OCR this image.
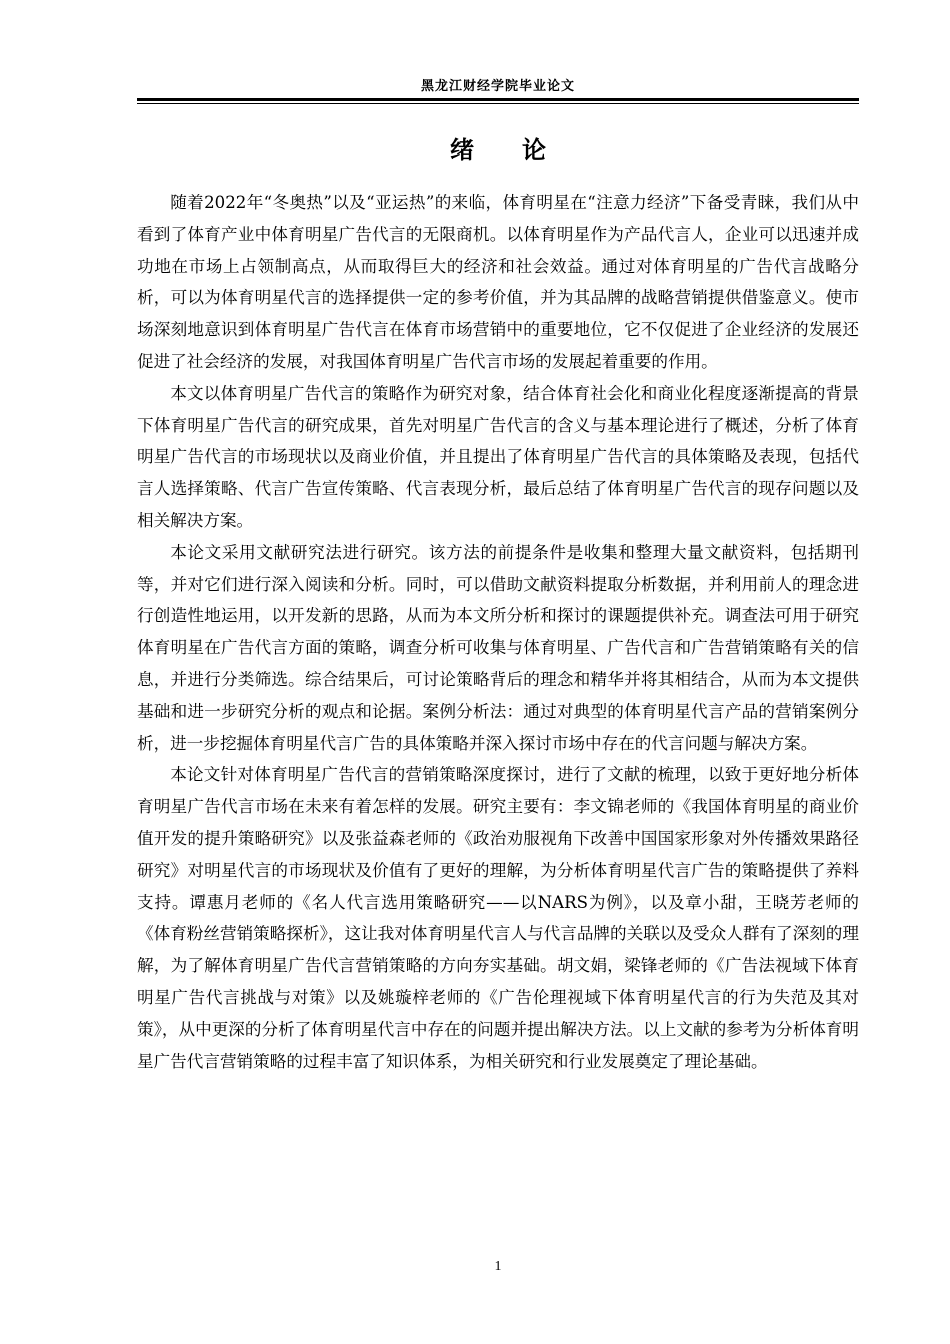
黑龙江财经学院毕业论文
绪　　论

随着2022年“冬奥热”以及“亚运热”的来临，体育明星在“注意力经济”下备受青睐，我们从中看到了体育产业中体育明星广告代言的无限商机。以体育明星作为产品代言人，企业可以迅速并成功地在市场上占领制高点，从而取得巨大的经济和社会效益。通过对体育明星的广告代言战略分析，可以为体育明星代言的选择提供一定的参考价值，并为其品牌的战略营销提供借鉴意义。使市场深刻地意识到体育明星广告代言在体育市场营销中的重要地位，它不仅促进了企业经济的发展还促进了社会经济的发展，对我国体育明星广告代言市场的发展起着重要的作用。

本文以体育明星广告代言的策略作为研究对象，结合体育社会化和商业化程度逐渐提高的背景下体育明星广告代言的研究成果，首先对明星广告代言的含义与基本理论进行了概述，分析了体育明星广告代言的市场现状以及商业价值，并且提出了体育明星广告代言的具体策略及表现，包括代言人选择策略、代言广告宣传策略、代言表现分析，最后总结了体育明星广告代言的现存问题以及相关解决方案。

本论文采用文献研究法进行研究。该方法的前提条件是收集和整理大量文献资料，包括期刊等，并对它们进行深入阅读和分析。同时，可以借助文献资料提取分析数据，并利用前人的理念进行创造性地运用，以开发新的思路，从而为本文所分析和探讨的课题提供补充。调查法可用于研究体育明星在广告代言方面的策略，调查分析可收集与体育明星、广告代言和广告营销策略有关的信息，并进行分类筛选。综合结果后，可讨论策略背后的理念和精华并将其相结合，从而为本文提供基础和进一步研究分析的观点和论据。案例分析法：通过对典型的体育明星代言产品的营销案例分析，进一步挖掘体育明星代言广告的具体策略并深入探讨市场中存在的代言问题与解决方案。

本论文针对体育明星广告代言的营销策略深度探讨，进行了文献的梳理，以致于更好地分析体育明星广告代言市场在未来有着怎样的发展。研究主要有：李文锦老师的《我国体育明星的商业价值开发的提升策略研究》以及张益森老师的《政治劝服视角下改善中国国家形象对外传播效果路径研究》对明星代言的市场现状及价值有了更好的理解，为分析体育明星代言广告的策略提供了养料支持。谭惠月老师的《名人代言选用策略研究——以NARS为例》，以及章小甜，王晓芳老师的《体育粉丝营销策略探析》，这让我对体育明星代言人与代言品牌的关联以及受众人群有了深刻的理解，为了解体育明星广告代言营销策略的方向夯实基础。胡文娟，梁锋老师的《广告法视域下体育明星广告代言挑战与对策》以及姚璇梓老师的《广告伦理视域下体育明星代言的行为失范及其对策》，从中更深的分析了体育明星代言中存在的问题并提出解决方法。以上文献的参考为分析体育明星广告代言营销策略的过程丰富了知识体系，为相关研究和行业发展奠定了理论基础。

1
